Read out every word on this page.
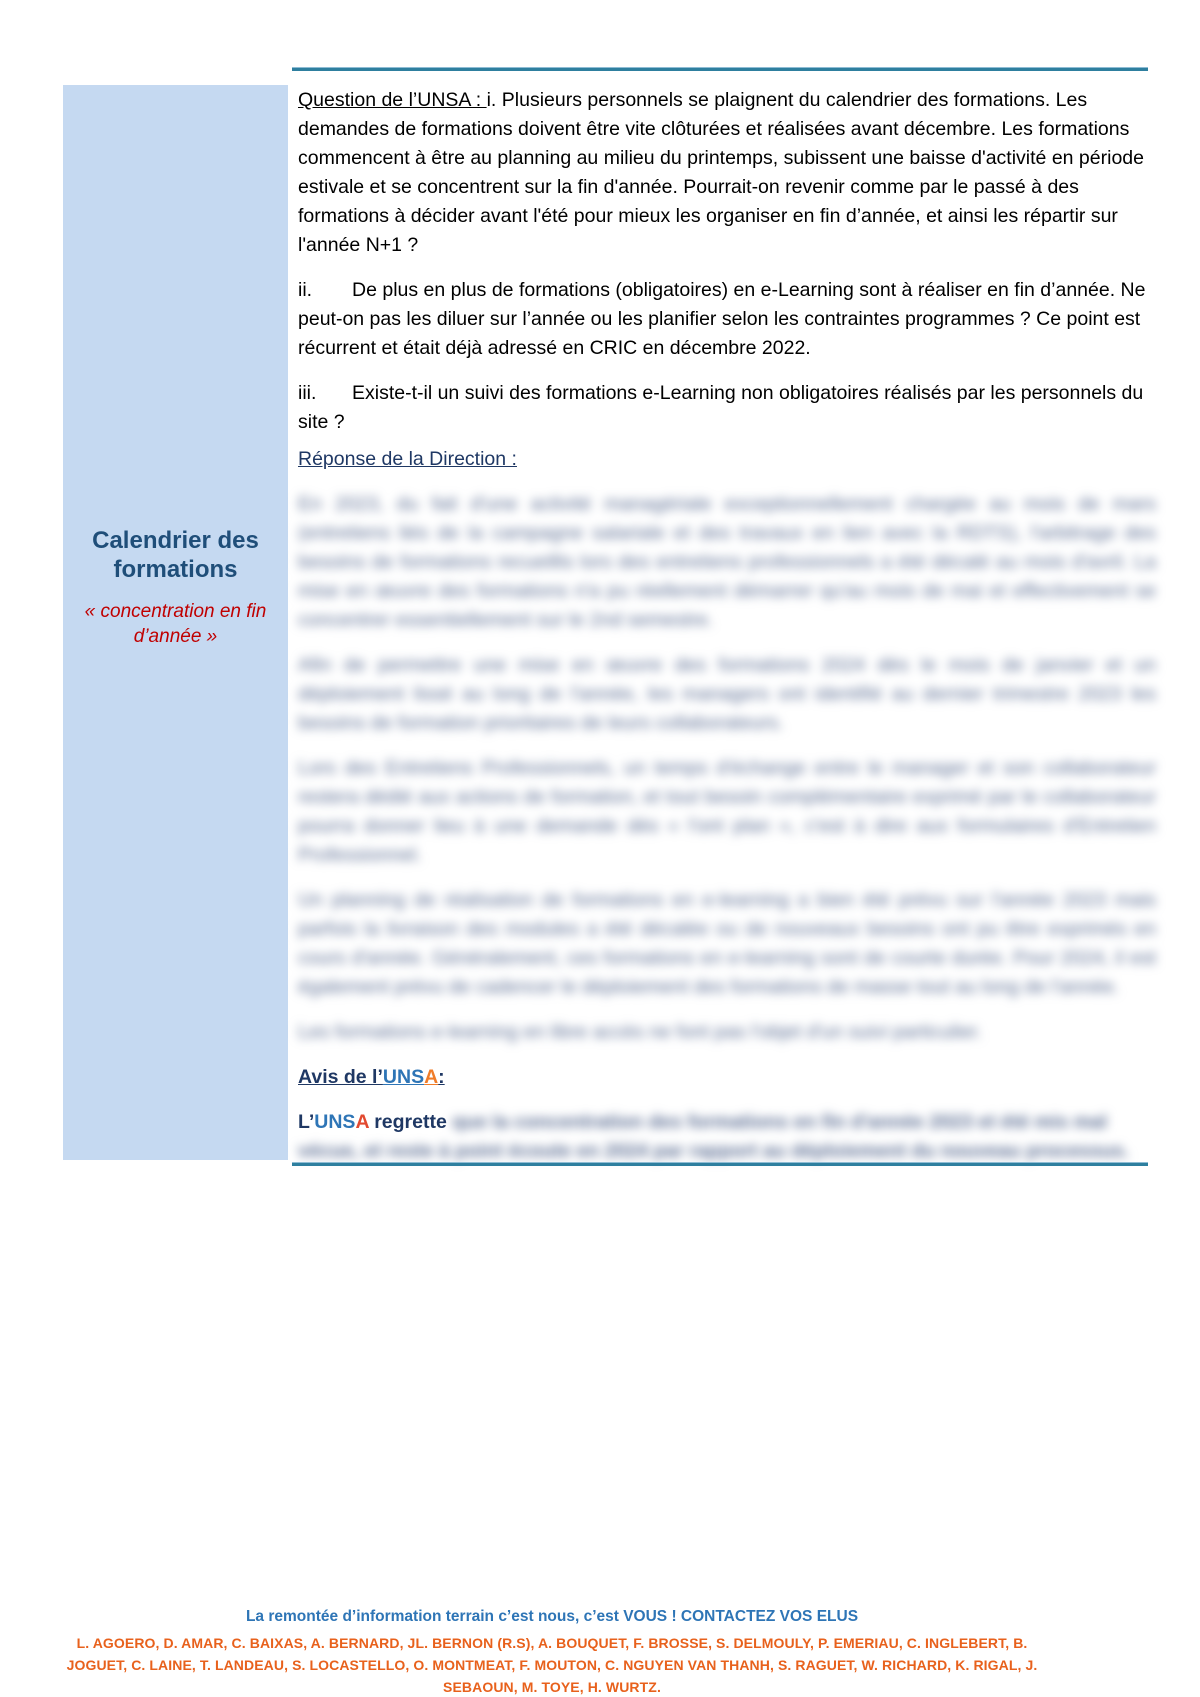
Calendrier des formations
« concentration en fin d’année »

Question de l’UNSA : i. Plusieurs personnels se plaignent du calendrier des formations. Les demandes de formations doivent être vite clôturées et réalisées avant décembre. Les formations commencent à être au planning au milieu du printemps, subissent une baisse d'activité en période estivale et se concentrent sur la fin d'année. Pourrait-on revenir comme par le passé à des formations à décider avant l'été pour mieux les organiser en fin d’année, et ainsi les répartir sur l'année N+1 ?

ii. De plus en plus de formations (obligatoires) en e-Learning sont à réaliser en fin d’année. Ne peut-on pas les diluer sur l’année ou les planifier selon les contraintes programmes ? Ce point est récurrent et était déjà adressé en CRIC en décembre 2022.

iii. Existe-t-il un suivi des formations e-Learning non obligatoires réalisés par les personnels du site ?

Réponse de la Direction :

En 2023, du fait d'une activité managériale exceptionnellement chargée au mois de mars (entretiens liés de la campagne salariale et des travaux en lien avec la RDTS), l'arbitrage des besoins de formations recueillis lors des entretiens professionnels a été décalé au mois d'avril. La mise en œuvre des formations n'a pu réellement démarrer qu'au mois de mai et effectivement se concentrer essentiellement sur le 2nd semestre.

Afin de permettre une mise en œuvre des formations 2024 dès le mois de janvier et un déploiement lissé au long de l'année, les managers ont identifié au dernier trimestre 2023 les besoins de formation prioritaires de leurs collaborateurs.

Lors des Entretiens Professionnels, un temps d'échange entre le manager et son collaborateur restera dédié aux actions de formation, et tout besoin complémentaire exprimé par le collaborateur pourra donner lieu à une demande dès « l'ont plan », c'est à dire aux formulaires d'Entretien Professionnel.

Un planning de réalisation de formations en e-learning a bien été prévu sur l'année 2023 mais parfois la livraison des modules a été décalée ou de nouveaux besoins ont pu être exprimés en cours d'année. Généralement, ces formations en e-learning sont de courte durée. Pour 2024, il est également prévu de cadencer le déploiement des formations de masse tout au long de l'année.

Les formations e-learning en libre accès ne font pas l'objet d'un suivi particulier.

Avis de l’UNSA:

L’UNSA regrette que la concentration des formations en fin d'année 2023 et été mis mal vécue, et reste à point écoute en 2024 par rapport au déploiement du nouveau processus.

La remontée d’information terrain c’est nous, c’est VOUS ! CONTACTEZ VOS ELUS
L. AGOERO, D. AMAR, C. BAIXAS, A. BERNARD, JL. BERNON (R.S), A. BOUQUET, F. BROSSE, S. DELMOULY, P. EMERIAU, C. INGLEBERT, B. JOGUET, C. LAINE, T. LANDEAU, S. LOCASTELLO, O. MONTMEAT, F. MOUTON, C. NGUYEN VAN THANH, S. RAGUET, W. RICHARD, K. RIGAL, J. SEBAOUN, M. TOYE, H. WURTZ.
